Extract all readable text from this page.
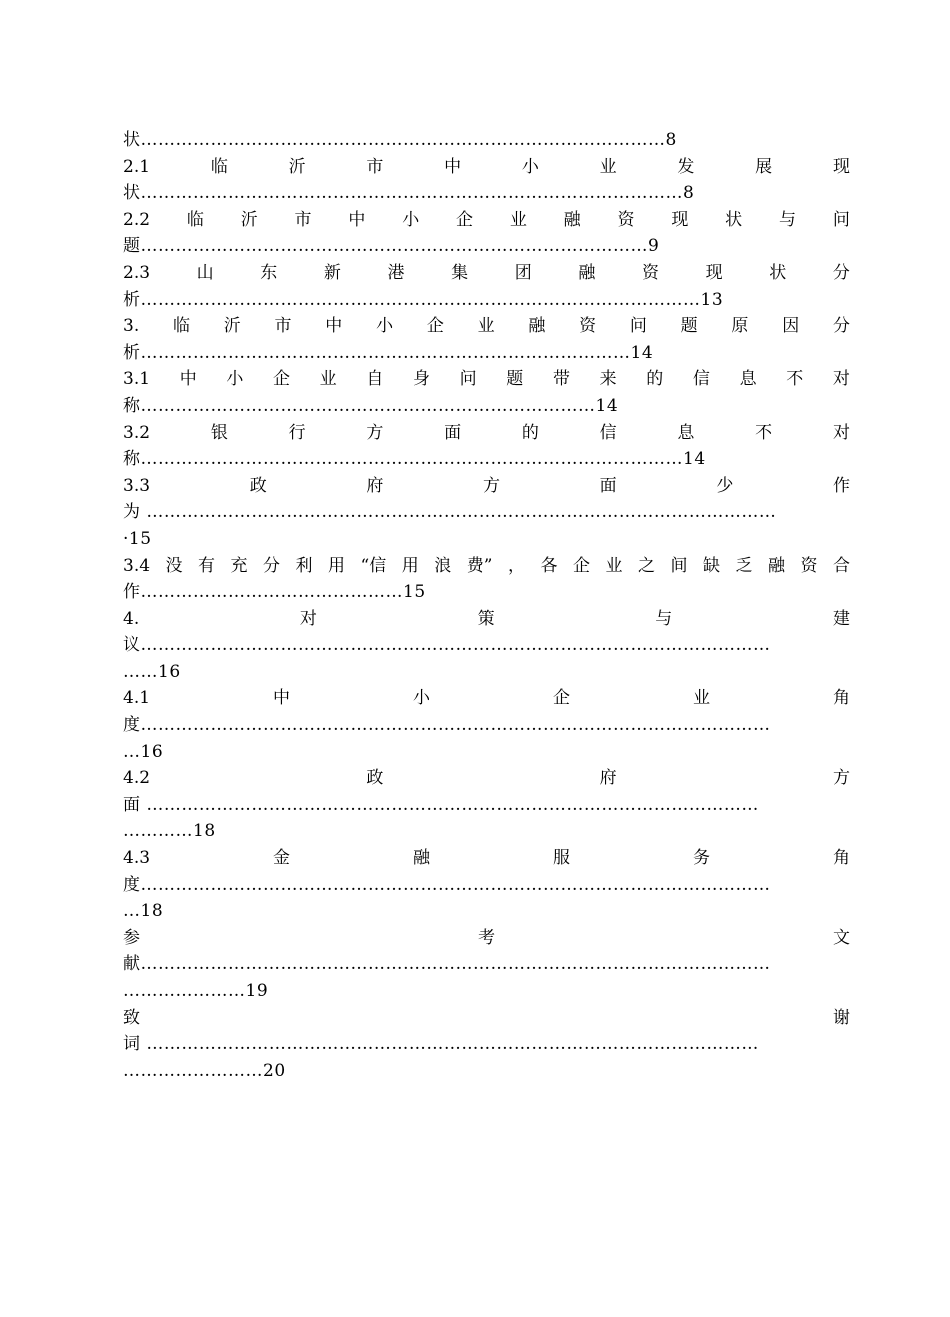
状………………………………………………………………………………8
2.1	临	沂	市	中	小	业	发	展	现
状…………………………………………………………………………………8
2.2 临 沂 市 中 小 企 业 融 资 现 状 与 问
题……………………………………………………………………………9
2.3	山	东	新	港	集	团	融	资	现	状	分
析……………………………………………………………………………………13
3. 临 沂 市 中 小 企 业 融 资 问 题 原 因 分
析…………………………………………………………………………14
3.1 中 小 企 业 自 身 问 题 带 来 的 信 息 不 对
称……………………………………………………………………14
3.2	银	行	方	面	的	信	息	不	对
称…………………………………………………………………………………14
3.3	政	府	方	面	少	作
为 ………………………………………………………………………………………………
·15
3.4 没 有 充 分 利 用 “信 用 浪 费” ， 各 企 业 之 间 缺 乏 融 资 合
作………………………………………15
4.	对	策	与	建
议………………………………………………………………………………………………
……16
4.1	中	小	企	业	角
度………………………………………………………………………………………………
…16
4.2	政	府	方
面 ……………………………………………………………………………………………
…………18
4.3	金	融	服	务	角
度………………………………………………………………………………………………
…18
参	考	文
献………………………………………………………………………………………………
…………………19
致	谢
词 ……………………………………………………………………………………………
……………………20
